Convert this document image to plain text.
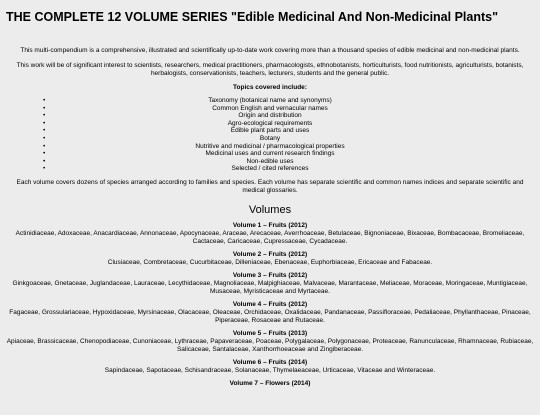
THE COMPLETE 12 VOLUME SERIES "Edible Medicinal And Non-Medicinal Plants"

This multi-compendium is a comprehensive, illustrated and scientifically up-to-date work covering more than a thousand species of edible medicinal and non-medicinal plants.

This work will be of significant interest to scientists, researchers, medical practitioners, pharmacologists, ethnobotanists, horticulturists, food nutritionists, agriculturists, botanists, herbalogists, conservationists, teachers, lecturers, students and the general public.

Topics covered include:

•	Taxonomy (botanical name and synonyms)
•	Common English and vernacular names
•	Origin and distribution
•	Agro-ecological requirements
•	Edible plant parts and uses
•	Botany
•	Nutritive and medicinal / pharmacological properties
•	Medicinal uses and current research findings
•	Non-edible uses
•	Selected / cited references

Each volume covers dozens of species arranged according to families and species. Each volume has separate scientific and common names indices and separate scientific and medical glossaries.

Volumes

Volume 1 – Fruits (2012)

Actinidiaceae, Adoxaceae, Anacardiaceae, Annonaceae, Apocynaceae, Araceae, Arecaceae, Averrhoaceae, Betulaceae, Bignoniaceae, Bixaceae, Bombacaceae, Bromeliaceae, Cactaceae, Caricaceae, Cupressaceae, Cycadaceae.

Volume 2 – Fruits (2012)

Clusiaceae, Combretaceae, Cucurbitaceae, Dilleniaceae, Ebenaceae, Euphorbiaceae, Ericaceae and Fabaceae.

Volume 3 – Fruits (2012)

Ginkgoaceae, Gnetaceae, Juglandaceae, Lauraceae, Lecythidaceae, Magnoliaceae, Malpighiaceae, Malvaceae, Marantaceae, Meliaceae, Moraceae, Moringaceae, Muntigiaceae, Musaceae, Myristicaceae and Myrtaceae.

Volume 4 – Fruits (2012)

Fagaceae, Grossulariaceae, Hypoxidaceae, Myrsinaceae, Olacaceae, Oleaceae, Orchidaceae, Oxalidaceae, Pandanaceae, Passifloraceae, Pedaliaceae, Phyllanthaceae, Pinaceae, Piperaceae, Rosaceae and Rutaceae.

Volume 5 – Fruits (2013)

Apiaceae, Brassicaceae, Chenopodiaceae, Cunoniaceae, Lythraceae, Papaveraceae, Poaceae, Polygalaceae, Polygonaceae, Proteaceae, Ranunculaceae, Rhamnaceae, Rubiaceae, Salicaceae, Santalaceae, Xanthorrhoeaceae and Zingiberaceae.

Volume 6 – Fruits (2014)

Sapindaceae, Sapotaceae, Schisandraceae, Solanaceae, Thymelaeaceae, Urticaceae, Vitaceae and Winteraceae.

Volume 7 – Flowers (2014)
